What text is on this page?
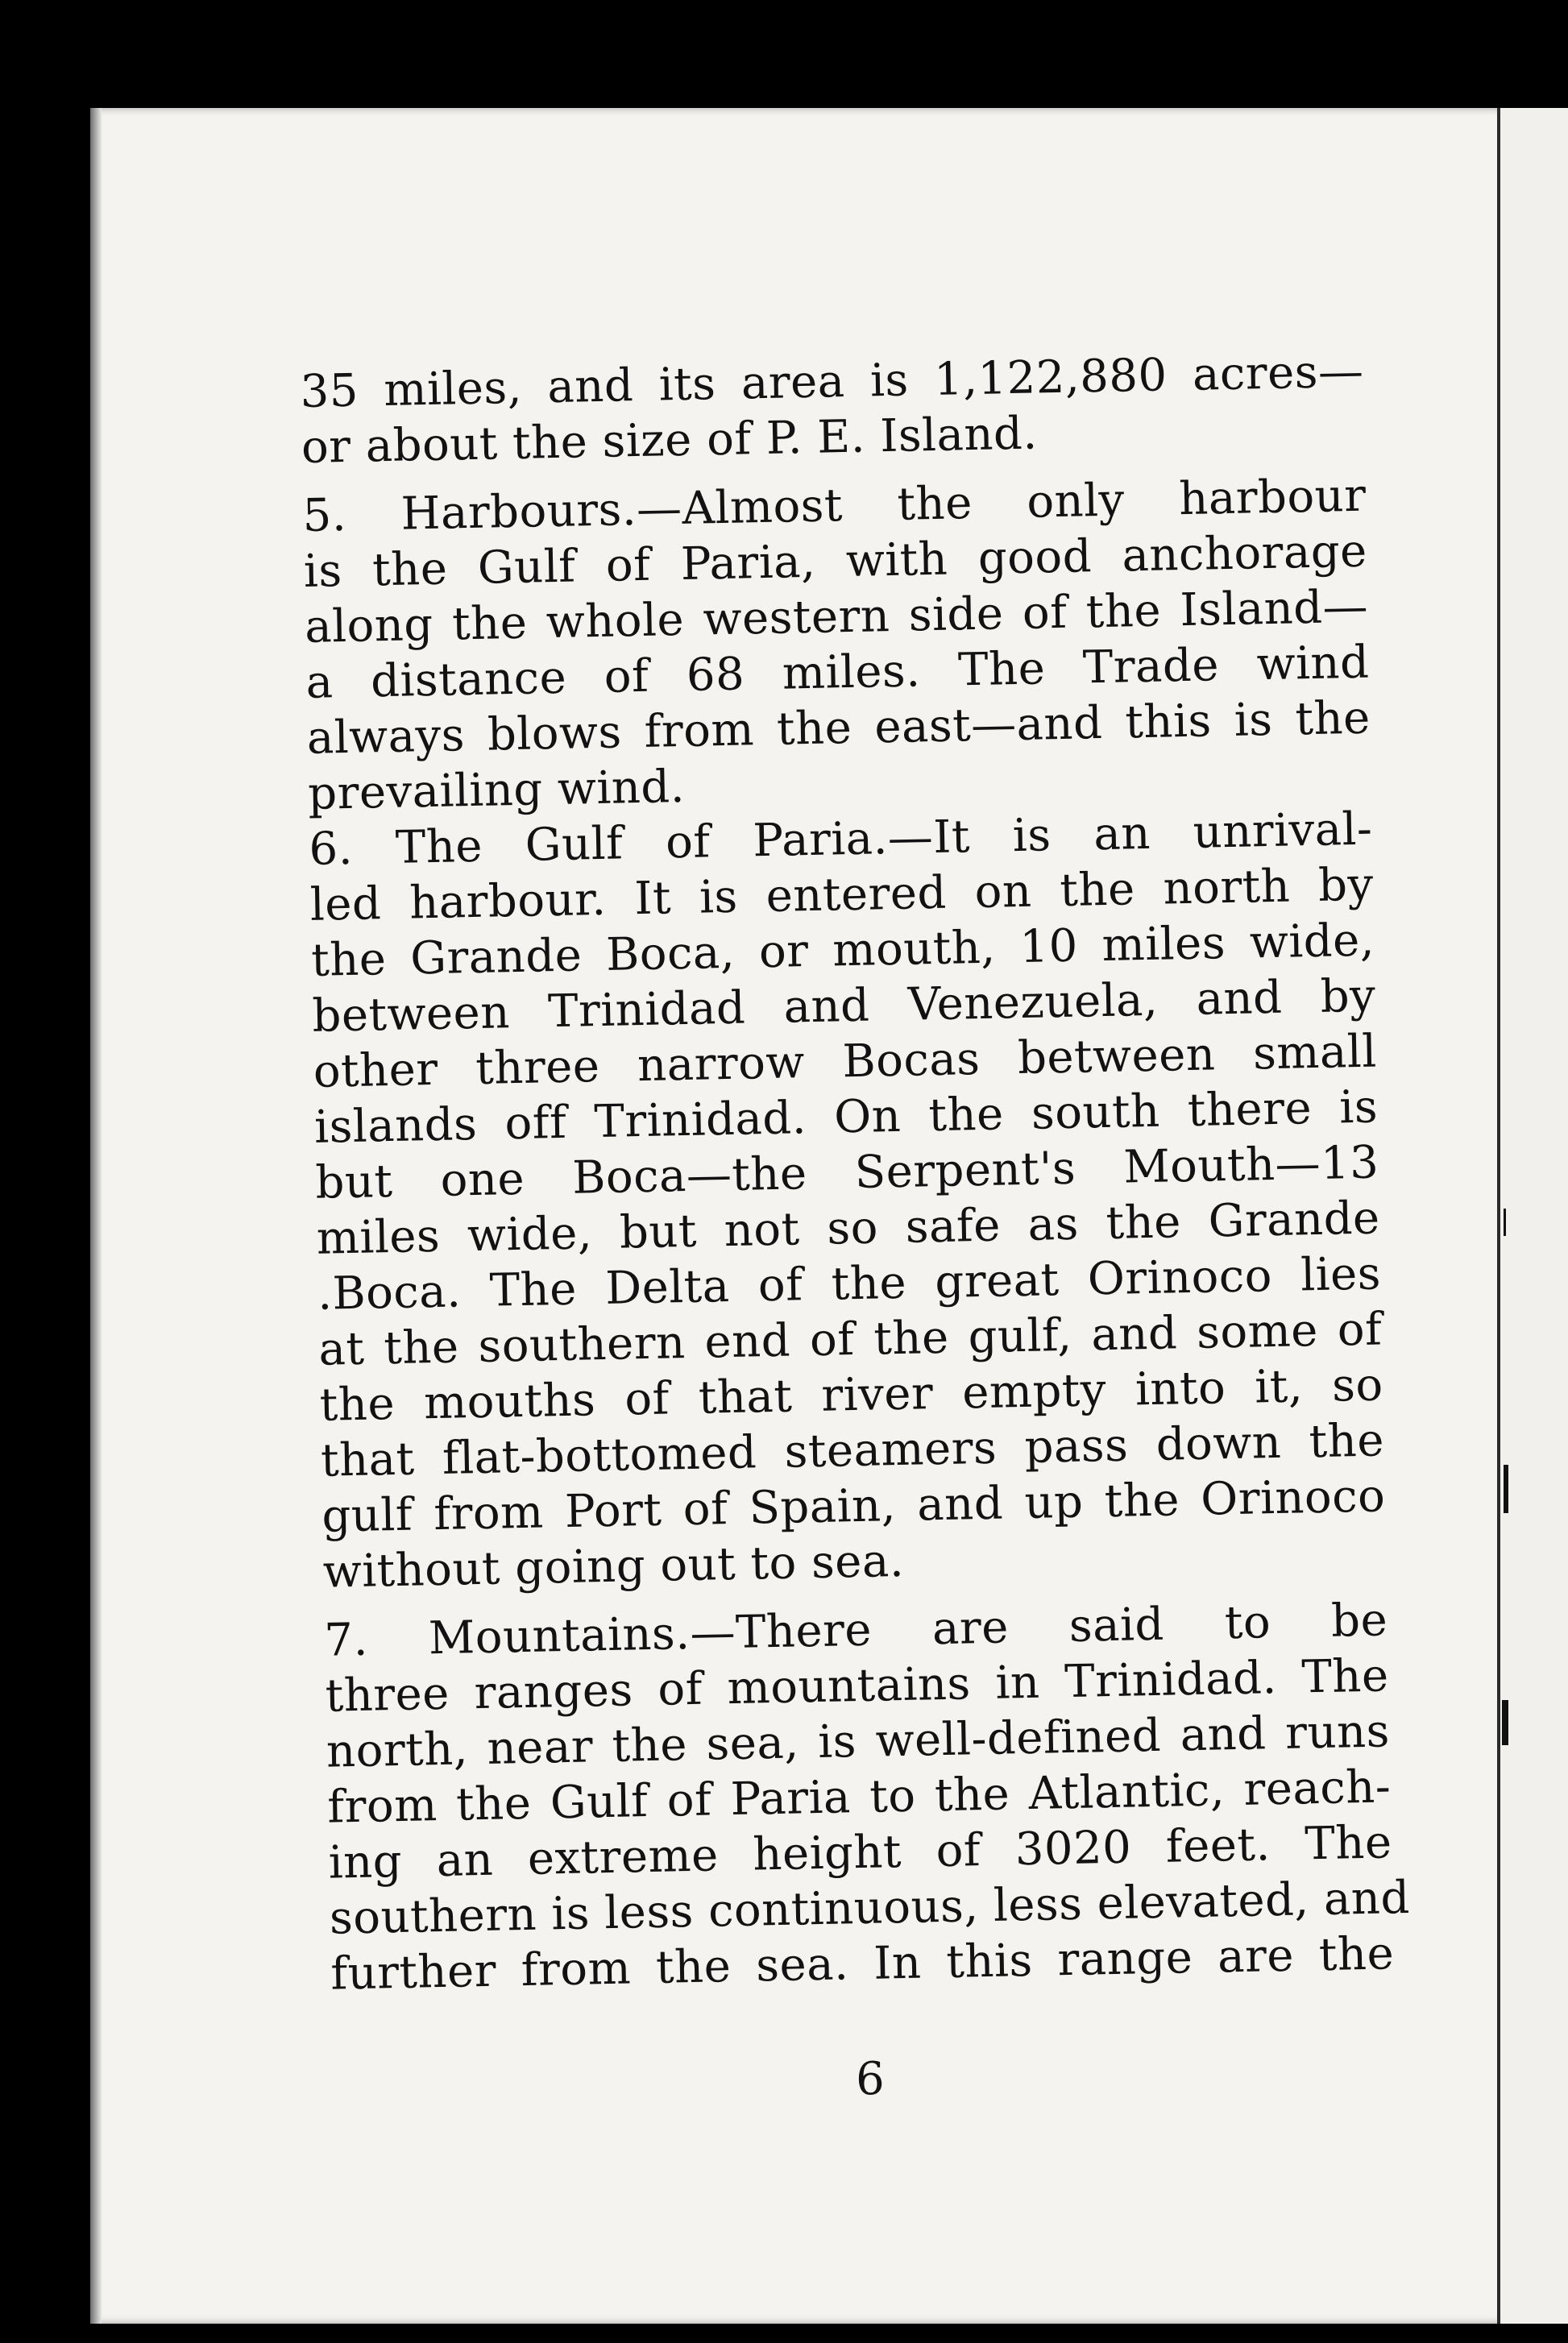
35 miles, and its area is 1,122,880 acres—
or about the size of P. E. Island.
5. Harbours.—Almost the only harbour
is the Gulf of Paria, with good anchorage
along the whole western side of the Island—
a distance of 68 miles. The Trade wind
always blows from the east—and this is the
prevailing wind.
6. The Gulf of Paria.—It is an unrival-
led harbour. It is entered on the north by
the Grande Boca, or mouth, 10 miles wide,
between Trinidad and Venezuela, and by
other three narrow Bocas between small
islands off Trinidad. On the south there is
but one Boca—the Serpent's Mouth—13
miles wide, but not so safe as the Grande
.Boca. The Delta of the great Orinoco lies
at the southern end of the gulf, and some of
the mouths of that river empty into it, so
that flat-bottomed steamers pass down the
gulf from Port of Spain, and up the Orinoco
without going out to sea.
7. Mountains.—There are said to be
three ranges of mountains in Trinidad. The
north, near the sea, is well-defined and runs
from the Gulf of Paria to the Atlantic, reach-
ing an extreme height of 3020 feet. The
southern is less continuous, less elevated, and
further from the sea. In this range are the
6
